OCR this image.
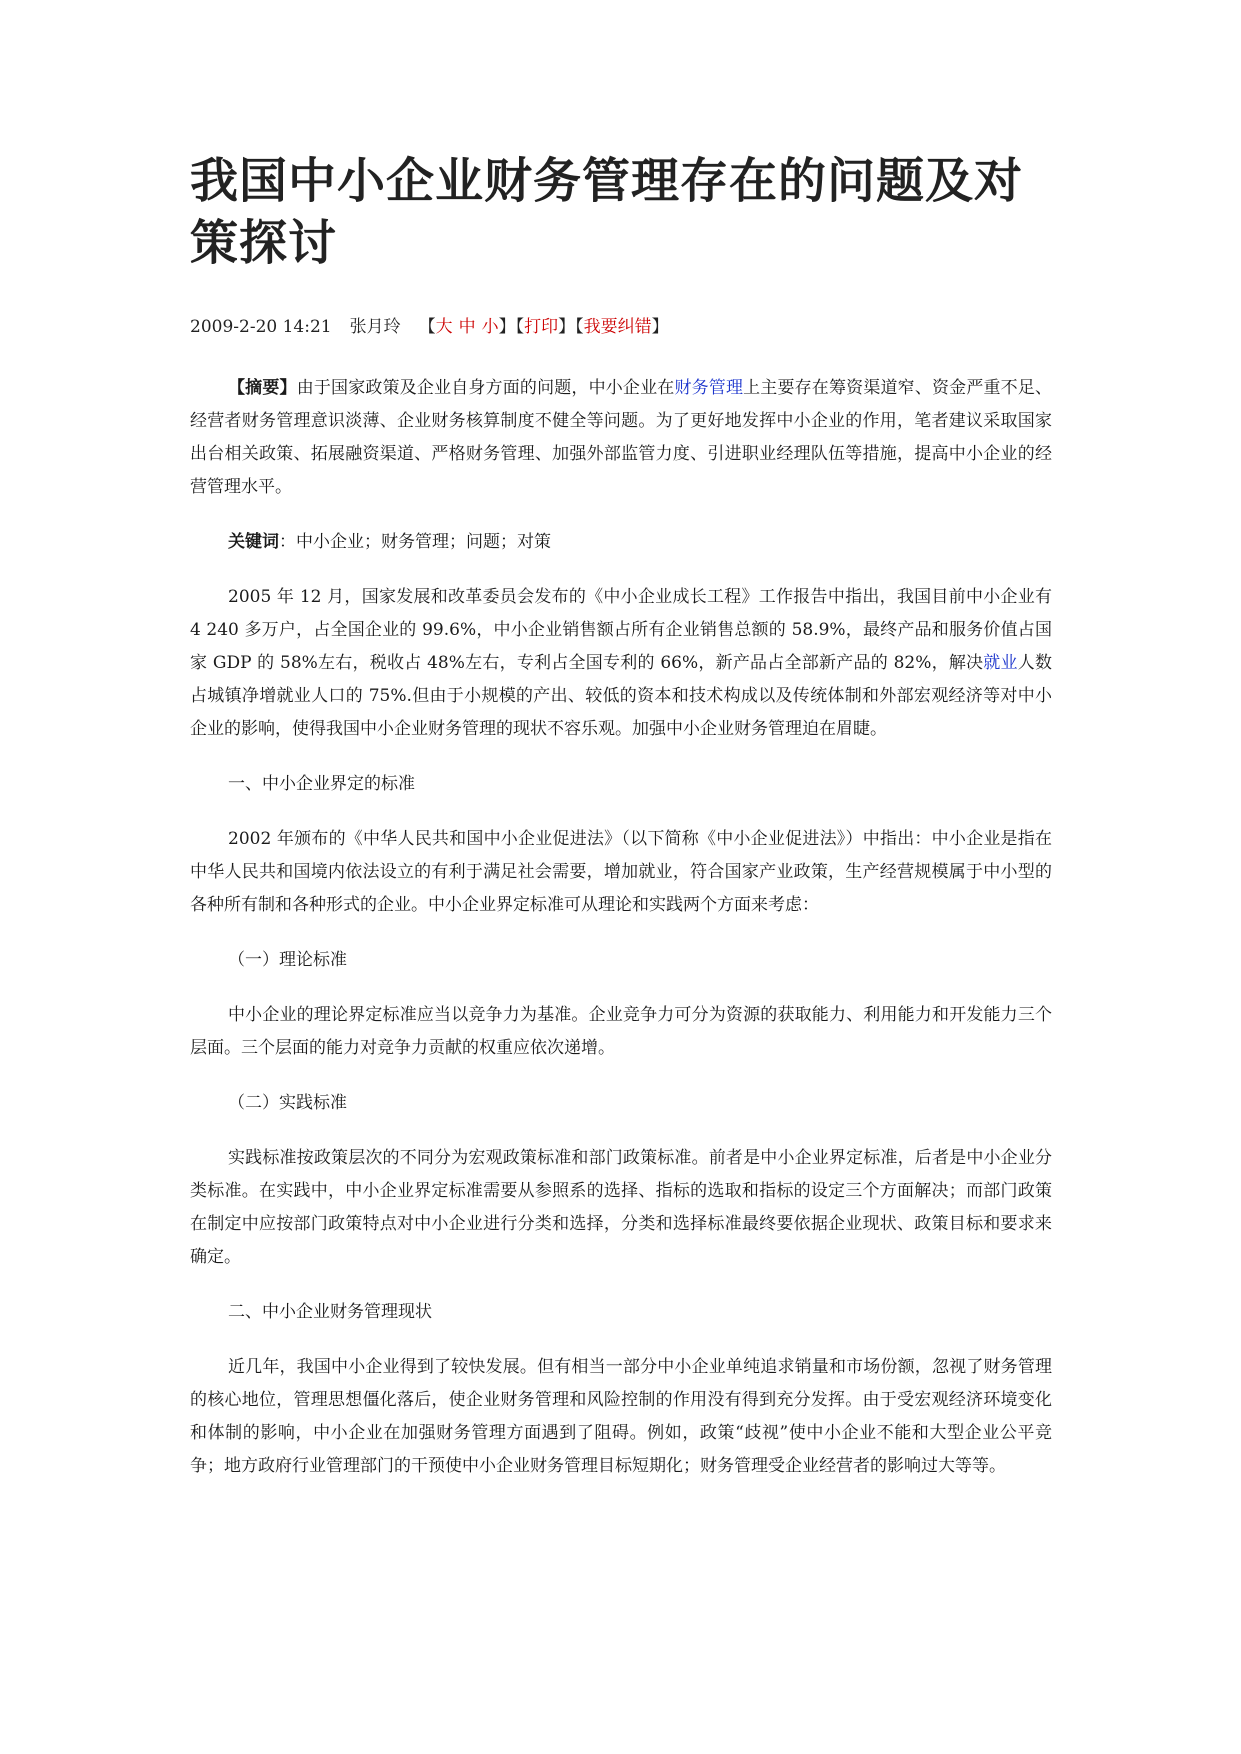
我国中小企业财务管理存在的问题及对策探讨
2009-2-20 14:21 张月玲 【大中小】【打印】【我要纠错】

【摘要】由于国家政策及企业自身方面的问题，中小企业在财务管理上主要存在筹资渠道窄、资金严重不足、经营者财务管理意识淡薄、企业财务核算制度不健全等问题。为了更好地发挥中小企业的作用，笔者建议采取国家出台相关政策、拓展融资渠道、严格财务管理、加强外部监管力度、引进职业经理队伍等措施，提高中小企业的经营管理水平。

关键词：中小企业；财务管理；问题；对策

2005 年 12 月，国家发展和改革委员会发布的《中小企业成长工程》工作报告中指出，我国目前中小企业有 4 240 多万户，占全国企业的 99.6%，中小企业销售额占所有企业销售总额的 58.9%，最终产品和服务价值占国家 GDP 的 58%左右，税收占 48%左右，专利占全国专利的 66%，新产品占全部新产品的 82%，解决就业人数占城镇净增就业人口的 75%.但由于小规模的产出、较低的资本和技术构成以及传统体制和外部宏观经济等对中小企业的影响，使得我国中小企业财务管理的现状不容乐观。加强中小企业财务管理迫在眉睫。

一、中小企业界定的标准

2002 年颁布的《中华人民共和国中小企业促进法》（以下简称《中小企业促进法》）中指出：中小企业是指在中华人民共和国境内依法设立的有利于满足社会需要，增加就业，符合国家产业政策，生产经营规模属于中小型的各种所有制和各种形式的企业。中小企业界定标准可从理论和实践两个方面来考虑：

（一）理论标准

中小企业的理论界定标准应当以竞争力为基准。企业竞争力可分为资源的获取能力、利用能力和开发能力三个层面。三个层面的能力对竞争力贡献的权重应依次递增。

（二）实践标准

实践标准按政策层次的不同分为宏观政策标准和部门政策标准。前者是中小企业界定标准，后者是中小企业分类标准。在实践中，中小企业界定标准需要从参照系的选择、指标的选取和指标的设定三个方面解决；而部门政策在制定中应按部门政策特点对中小企业进行分类和选择，分类和选择标准最终要依据企业现状、政策目标和要求来确定。

二、中小企业财务管理现状

近几年，我国中小企业得到了较快发展。但有相当一部分中小企业单纯追求销量和市场份额，忽视了财务管理的核心地位，管理思想僵化落后，使企业财务管理和风险控制的作用没有得到充分发挥。由于受宏观经济环境变化和体制的影响，中小企业在加强财务管理方面遇到了阻碍。例如，政策“歧视”使中小企业不能和大型企业公平竞争；地方政府行业管理部门的干预使中小企业财务管理目标短期化；财务管理受企业经营者的影响过大等等。
